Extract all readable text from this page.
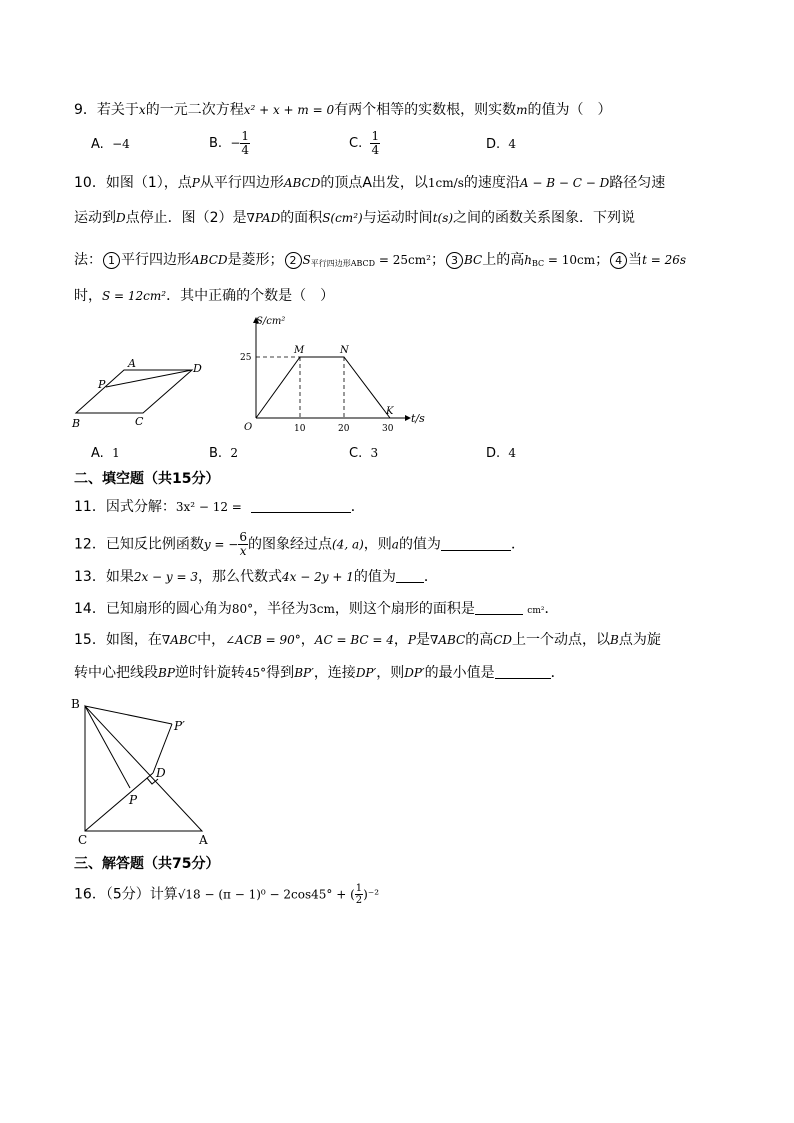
9．若关于x的一元二次方程x² + x + m = 0有两个相等的实数根，则实数m的值为（　）
A. −4	B. − $\frac{1}{4}$	C. $\frac{1}{4}$	D. 4
10．如图（1），点P从平行四边形ABCD的顶点A出发，以1cm/s的速度沿A − B − C − D路径匀速
运动到D点停止．图（2）是∇PAD的面积S(cm²)与运动时间t(s)之间的函数关系图象．下列说
法： 1 平行四边形ABCD是菱形； 2 $S_{平行四边形ABCD} = 25cm^2$； 3 BC上的高$h_{BC} = 10cm$； 4 当t = 26s
时，S = 12cm²．其中正确的个数是（　）
A	D
P
B	C
S/cm²
t/s
O
M	N
K
25
10	20	30
A. 1	B. 2	C. 3	D. 4
二、填空题（共15分）
11．因式分解：3x² − 12 =	．
12．已知反比例函数y = − $\frac{6}{x}$ 的图象经过点(4, a)，则a的值为	．
13．如果2x − y = 3，那么代数式4x − 2y + 1的值为 ．
14．已知扇形的圆心角为80°，半径为3cm，则这个扇形的面积是	cm²．
15．如图，在∇ABC中，∠ACB = 90°，AC = BC = 4，P是∇ABC的高CD上一个动点，以B点为旋
转中心把线段BP逆时针旋转45°得到BP′，连接DP′，则DP′的最小值是	．
B
P′
D
P
C	A
三、解答题（共75分）
16．（5分）计算√18 − (π − 1)⁰ − 2cos45° + ( $\frac{1}{2} )^{-2}$
